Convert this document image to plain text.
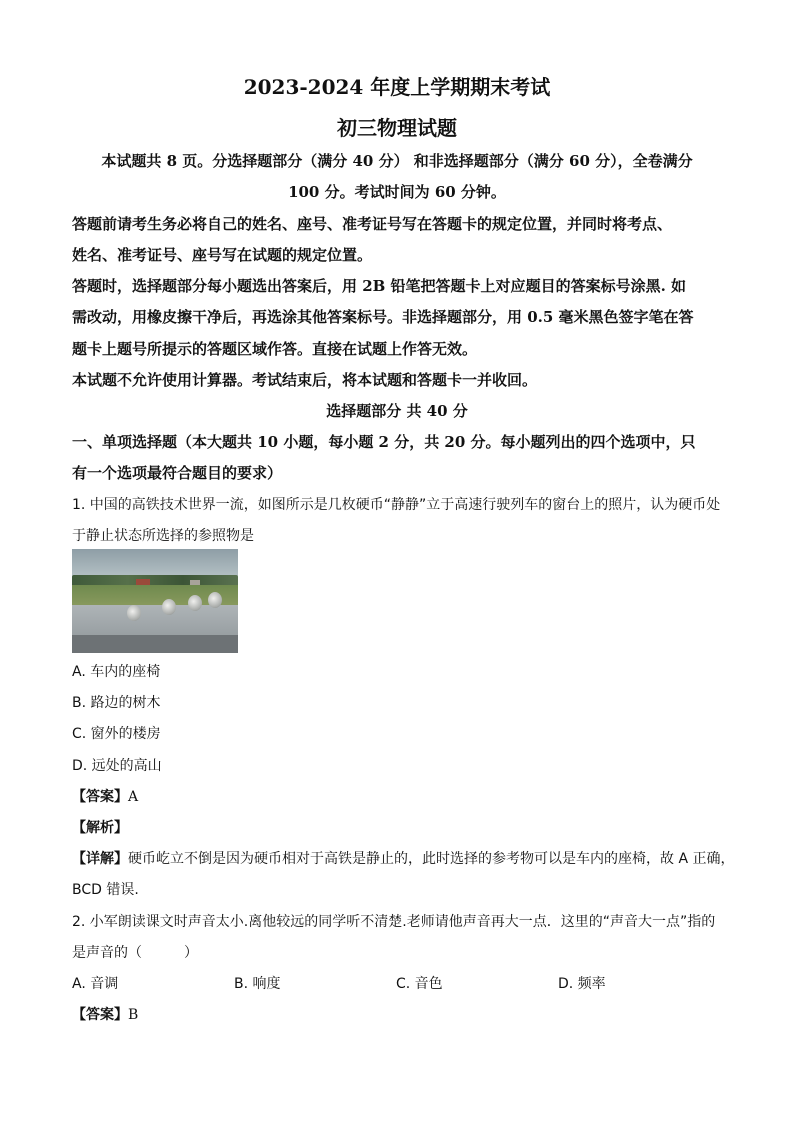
2023-2024 年度上学期期末考试
初三物理试题
本试题共 8 页。分选择题部分（满分 40 分） 和非选择题部分（满分 60 分），全卷满分
100 分。考试时间为 60 分钟。
答题前请考生务必将自己的姓名、座号、准考证号写在答题卡的规定位置，并同时将考点、
姓名、准考证号、座号写在试题的规定位置。
答题时，选择题部分每小题选出答案后，用 2B 铅笔把答题卡上对应题目的答案标号涂黑. 如
需改动，用橡皮擦干净后，再选涂其他答案标号。非选择题部分，用 0.5 毫米黑色签字笔在答
题卡上题号所提示的答题区域作答。直接在试题上作答无效。
本试题不允许使用计算器。考试结束后，将本试题和答题卡一并收回。
选择题部分 共 40 分
一、单项选择题（本大题共 10 小题，每小题 2 分，共 20 分。每小题列出的四个选项中，只
有一个选项最符合题目的要求）
1. 中国的高铁技术世界一流，如图所示是几枚硬币“静静”立于高速行驶列车的窗台上的照片，认为硬币处
于静止状态所选择的参照物是
A. 车内的座椅
B. 路边的树木
C. 窗外的楼房
D. 远处的高山
【答案】A
【解析】
【详解】硬币屹立不倒是因为硬币相对于高铁是静止的，此时选择的参考物可以是车内的座椅，故 A 正确，
BCD 错误.
2. 小军朗读课文时声音太小.离他较远的同学听不清楚.老师请他声音再大一点．这里的“声音大一点”指的
是声音的（　　　）
A. 音调	B. 响度	C. 音色	D. 频率
【答案】B
